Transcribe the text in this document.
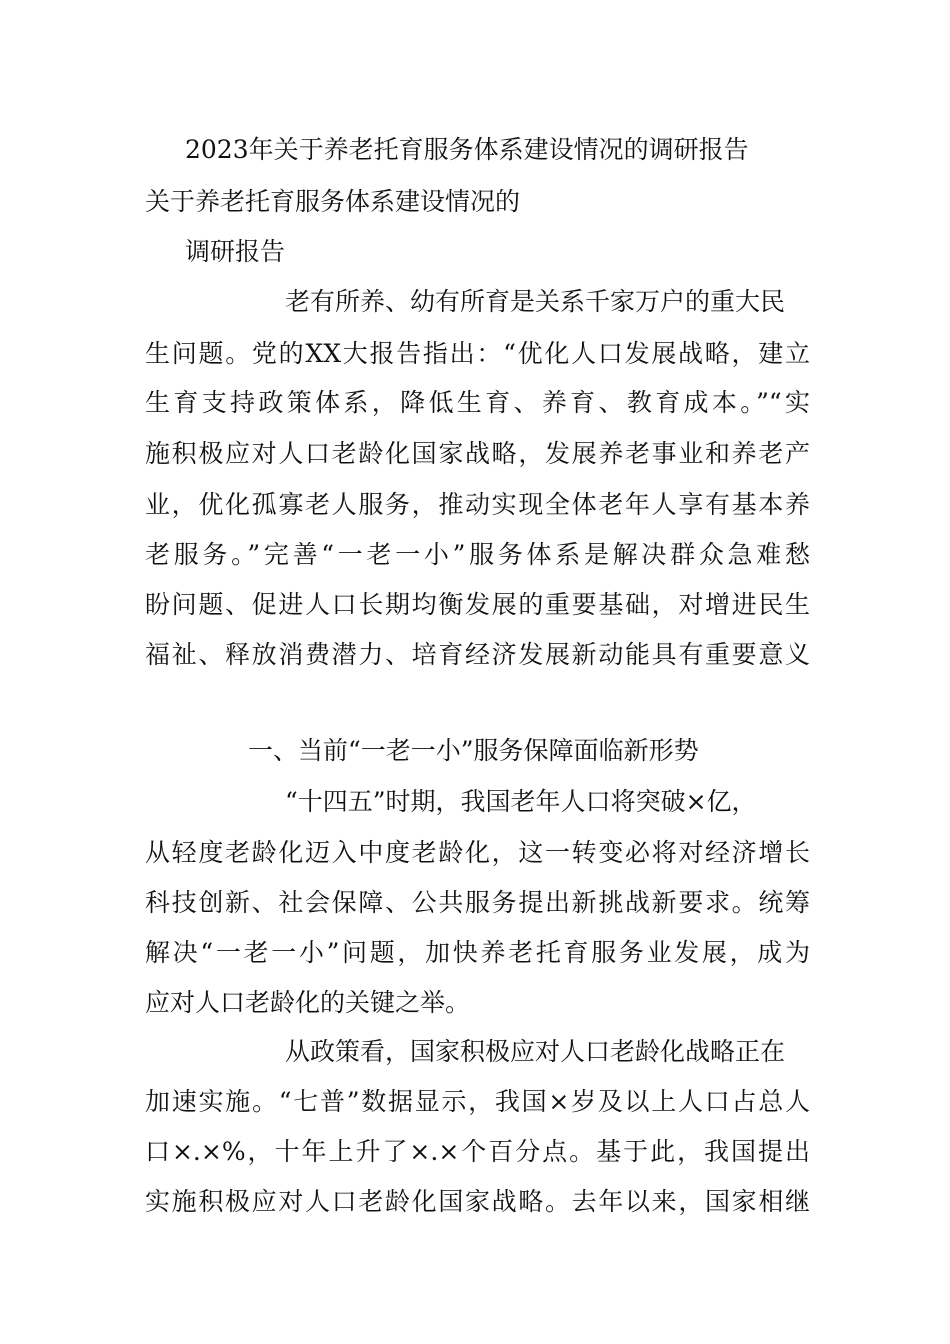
2023年关于养老托育服务体系建设情况的调研报告
关于养老托育服务体系建设情况的
调研报告
老有所养、幼有所育是关系千家万户的重大民
生问题。党的XX大报告指出：“优化人口发展战略，建立
生育支持政策体系，降低生育、养育、教育成本。”“实
施积极应对人口老龄化国家战略，发展养老事业和养老产
业，优化孤寡老人服务，推动实现全体老年人享有基本养
老服务。”完善“一老一小”服务体系是解决群众急难愁
盼问题、促进人口长期均衡发展的重要基础，对增进民生
福祉、释放消费潜力、培育经济发展新动能具有重要意义
一、当前“一老一小”服务保障面临新形势
“十四五”时期，我国老年人口将突破×亿，
从轻度老龄化迈入中度老龄化，这一转变必将对经济增长
科技创新、社会保障、公共服务提出新挑战新要求。统筹
解决“一老一小”问题，加快养老托育服务业发展，成为
应对人口老龄化的关键之举。
从政策看，国家积极应对人口老龄化战略正在
加速实施。“七普”数据显示，我国×岁及以上人口占总人
口×.×%，十年上升了×.×个百分点。基于此，我国提出
实施积极应对人口老龄化国家战略。去年以来，国家相继
